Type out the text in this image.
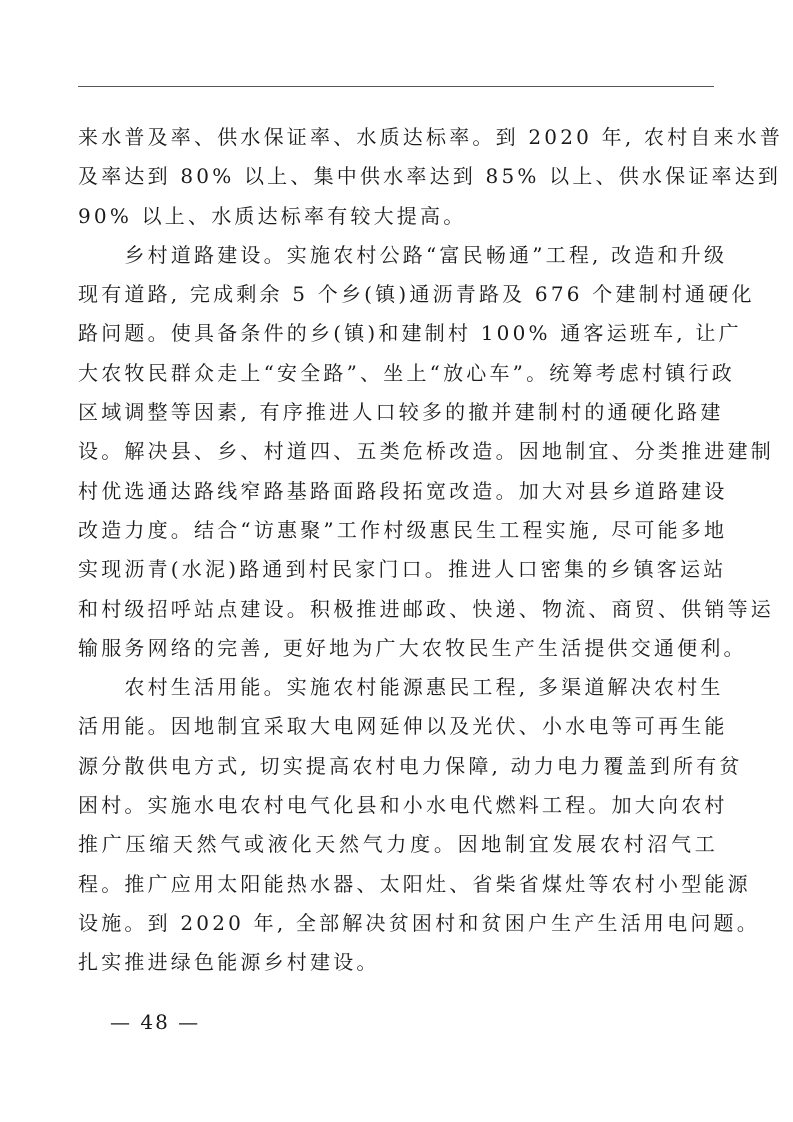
来水普及率、供水保证率、水质达标率。到 2020 年, 农村自来水普
及率达到 80% 以上、集中供水率达到 85% 以上、供水保证率达到
90% 以上、水质达标率有较大提高。
　　乡村道路建设。实施农村公路“富民畅通”工程, 改造和升级
现有道路, 完成剩余 5 个乡(镇)通沥青路及 676 个建制村通硬化
路问题。使具备条件的乡(镇)和建制村 100% 通客运班车, 让广
大农牧民群众走上“安全路”、坐上“放心车”。统筹考虑村镇行政
区域调整等因素, 有序推进人口较多的撤并建制村的通硬化路建
设。解决县、乡、村道四、五类危桥改造。因地制宜、分类推进建制
村优选通达路线窄路基路面路段拓宽改造。加大对县乡道路建设
改造力度。结合“访惠聚”工作村级惠民生工程实施, 尽可能多地
实现沥青(水泥)路通到村民家门口。推进人口密集的乡镇客运站
和村级招呼站点建设。积极推进邮政、快递、物流、商贸、供销等运
输服务网络的完善, 更好地为广大农牧民生产生活提供交通便利。
　　农村生活用能。实施农村能源惠民工程, 多渠道解决农村生
活用能。因地制宜采取大电网延伸以及光伏、小水电等可再生能
源分散供电方式, 切实提高农村电力保障, 动力电力覆盖到所有贫
困村。实施水电农村电气化县和小水电代燃料工程。加大向农村
推广压缩天然气或液化天然气力度。因地制宜发展农村沼气工
程。推广应用太阳能热水器、太阳灶、省柴省煤灶等农村小型能源
设施。到 2020 年, 全部解决贫困村和贫困户生产生活用电问题。
扎实推进绿色能源乡村建设。
— 48 —
